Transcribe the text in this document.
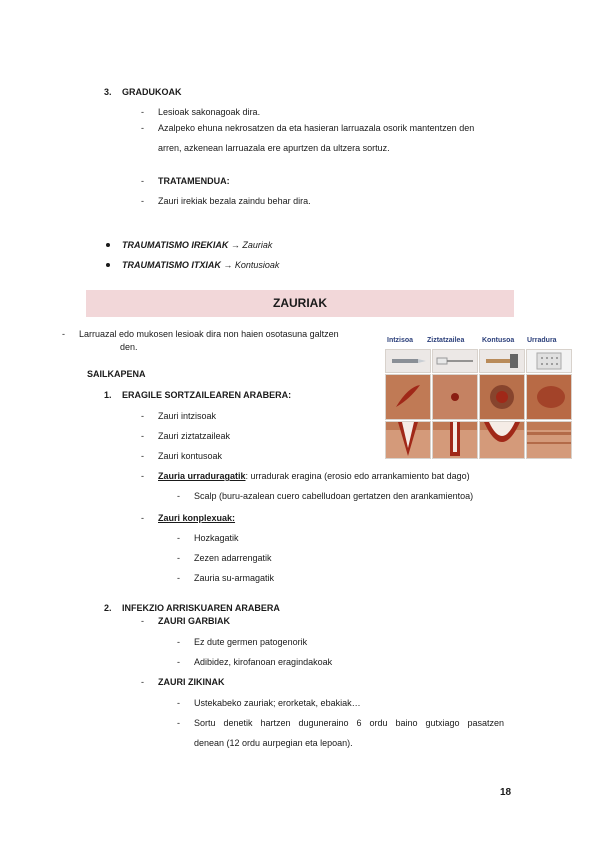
3. GRADUKOAK
- Lesioak sakonagoak dira.
- Azalpeko ehuna nekrosatzen da eta hasieran larruazala osorik mantentzen den
arren, azkenean larruazala ere apurtzen da ultzera sortuz.
- TRATAMENDUA:
- Zauri irekiak bezala zaindu behar dira.
TRAUMATISMO IREKIAK → Zauriak
TRAUMATISMO ITXIAK → Kontusioak
ZAURIAK
- Larruazal edo mukosen lesioak dira non haien osotasuna galtzen
den.
Intzisoa Ziztatzailea	Kontusoa Urradura
SAILKAPENA
1. ERAGILE SORTZAILEAREN ARABERA:
- Zauri intzisoak
- Zauri ziztatzaileak
- Zauri kontusoak
- Zauria urraduragatik: urradurak eragina (erosio edo arrankamiento bat dago)
- Scalp (buru-azalean cuero cabelludoan gertatzen den arankamientoa)
- Zauri konplexuak:
- Hozkagatik
- Zezen adarrengatik
- Zauria su-armagatik
2. INFEKZIO ARRISKUAREN ARABERA
- ZAURI GARBIAK
- Ez dute germen patogenorik
- Adibidez, kirofanoan eragindakoak
- ZAURI ZIKINAK
- Ustekabeko zauriak; erorketak, ebakiak…
- Sortu denetik hartzen duguneraino 6 ordu baino gutxiago pasatzen
denean (12 ordu aurpegian eta lepoan).
18
